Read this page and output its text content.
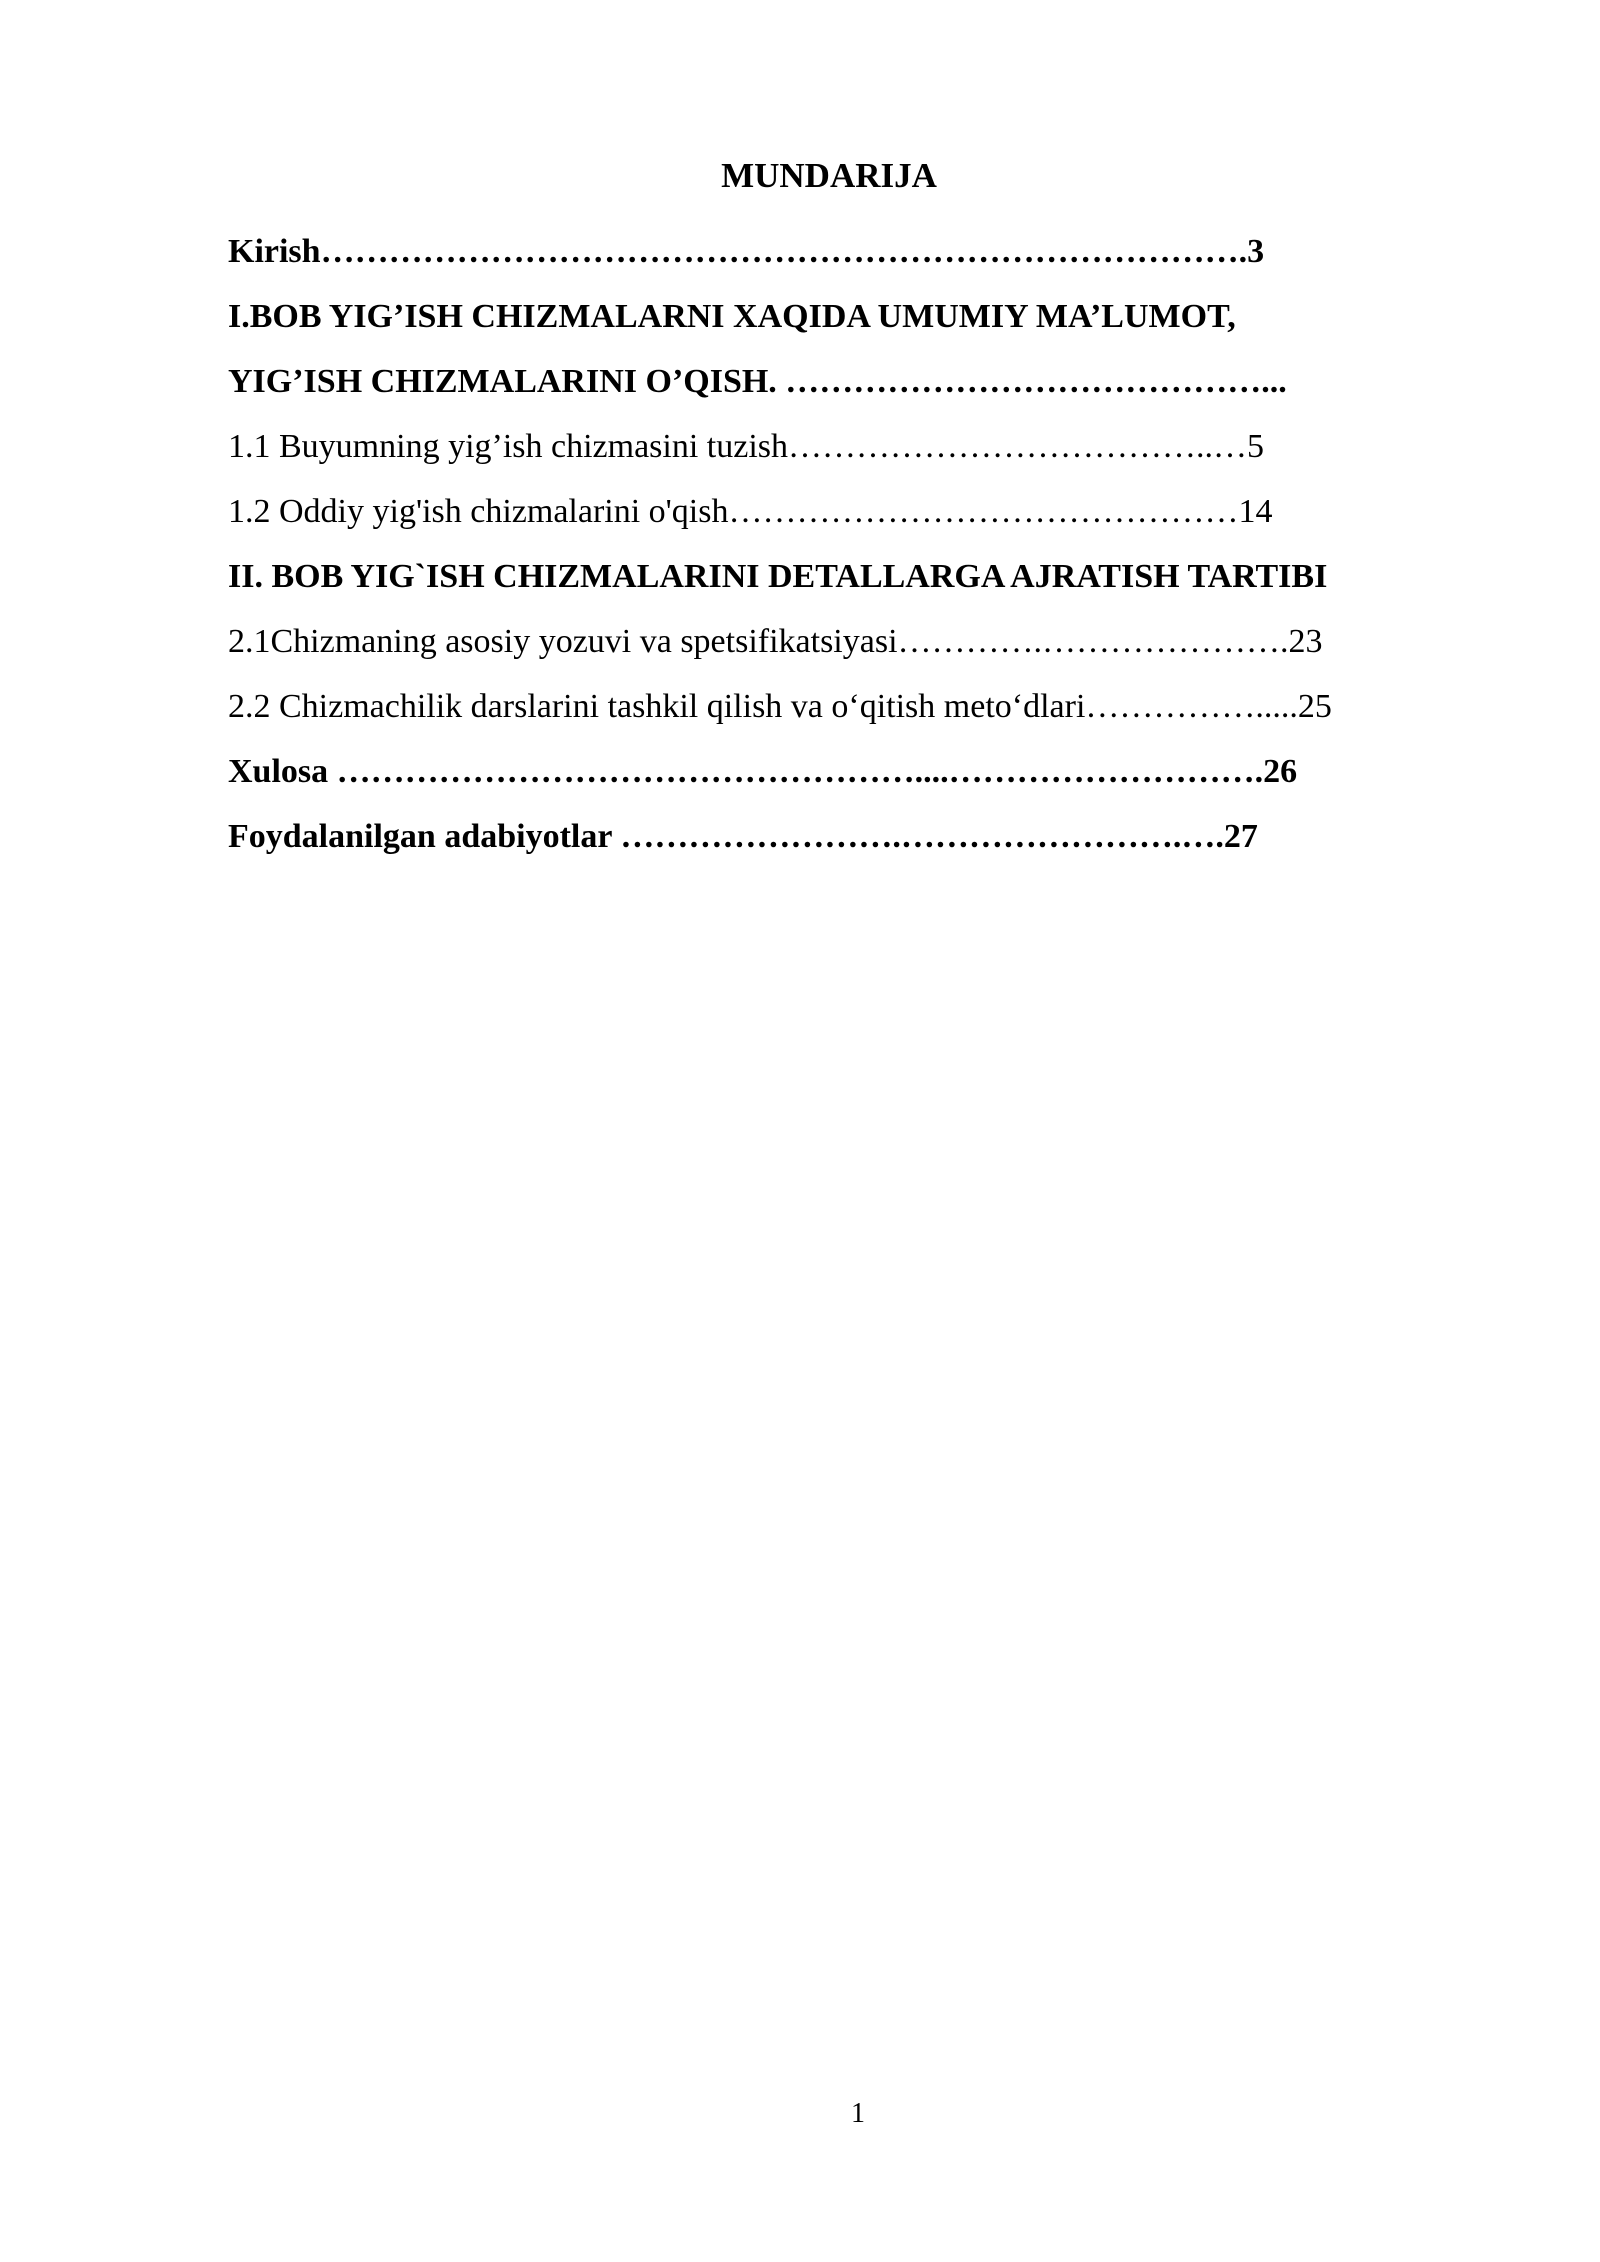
MUNDARIJA
Kirish……………………………………………………………………….3
I.BOB YIG’ISH CHIZMALARNI XAQIDA UMUMIY MA’LUMOT,
YIG’ISH CHIZMALARINI O’QISH. ……………………………………...
1.1 Buyumning yig’ish chizmasini tuzish………………………………..…5
1.2 Oddiy yig'ish chizmalarini o'qish………………………………………14
II. BOB YIG`ISH CHIZMALARINI DETALLARGA AJRATISH TARTIBI
2.1Chizmaning asosiy yozuvi va spetsifikatsiyasi………….………………….23
2.2 Chizmachilik darslarini tashkil qilish va o‘qitish meto‘dlari…………….....25
Xulosa ……………………………………………....……………………….26
Foydalanilgan adabiyotlar …………………….…………………….….27
1
